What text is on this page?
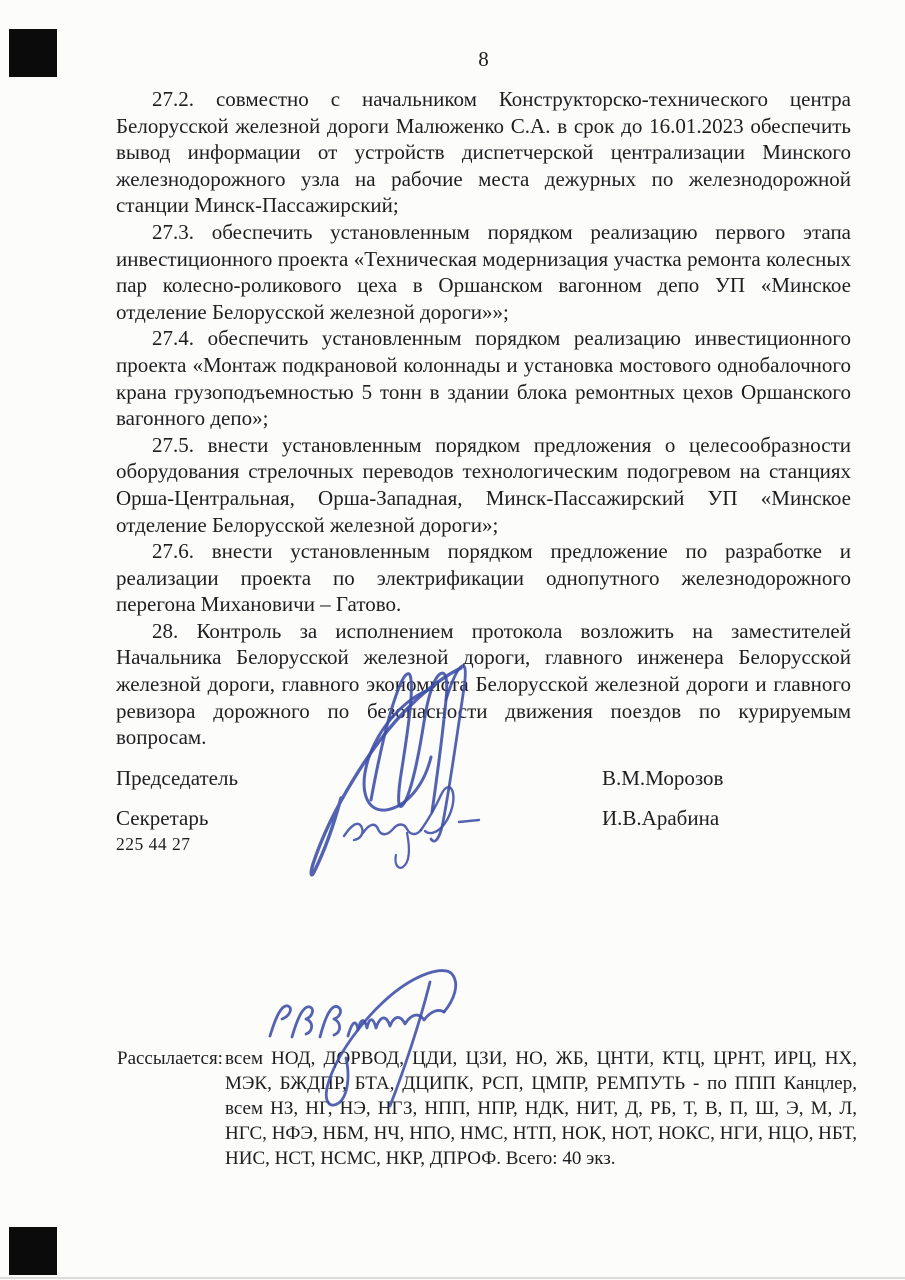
8

27.2. совместно с начальником Конструкторско-технического центра Белорусской железной дороги Малюженко С.А. в срок до 16.01.2023 обеспечить вывод информации от устройств диспетчерской централизации Минского железнодорожного узла на рабочие места дежурных по железнодорожной станции Минск-Пассажирский;

27.3. обеспечить установленным порядком реализацию первого этапа инвестиционного проекта «Техническая модернизация участка ремонта колесных пар колесно-роликового цеха в Оршанском вагонном депо УП «Минское отделение Белорусской железной дороги»»;

27.4. обеспечить установленным порядком реализацию инвестиционного проекта «Монтаж подкрановой колоннады и установка мостового однобалочного крана грузоподъемностью 5 тонн в здании блока ремонтных цехов Оршанского вагонного депо»;

27.5. внести установленным порядком предложения о целесообразности оборудования стрелочных переводов технологическим подогревом на станциях Орша-Центральная, Орша-Западная, Минск-Пассажирский УП «Минское отделение Белорусской железной дороги»;

27.6. внести установленным порядком предложение по разработке и реализации проекта по электрификации однопутного железнодорожного перегона Михановичи – Гатово.

28. Контроль за исполнением протокола возложить на заместителей Начальника Белорусской железной дороги, главного инженера Белорусской железной дороги, главного экономиста Белорусской железной дороги и главного ревизора дорожного по безопасности движения поездов по курируемым вопросам.

Председатель	В.М.Морозов
Секретарь	И.В.Арабина
225 44 27
Рассылается: всем НОД, ДОРВОД, ЦДИ, ЦЗИ, НО, ЖБ, ЦНТИ, КТЦ, ЦРНТ, ИРЦ, НХ, МЭК, БЖДПР, БТА, ДЦИПК, РСП, ЦМПР, РЕМПУТЬ - по ППП Канцлер, всем НЗ, НГ, НЭ, НГЗ, НПП, НПР, НДК, НИТ, Д, РБ, Т, В, П, Ш, Э, М, Л, НГС, НФЭ, НБМ, НЧ, НПО, НМС, НТП, НОК, НОТ, НОКС, НГИ, НЦО, НБТ, НИС, НСТ, НСМС, НКР, ДПРОФ. Всего: 40 экз.
